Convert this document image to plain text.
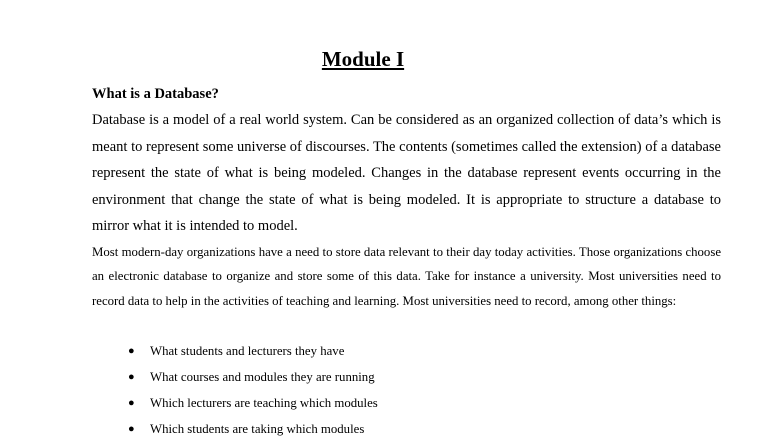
Module I
What is a Database?

Database is a model of a real world system. Can be considered as an organized collection of data’s which is meant to represent some universe of discourses. The contents (sometimes called the extension) of a database represent the state of what is being modeled. Changes in the database represent events occurring in the environment that change the state of what is being modeled. It is appropriate to structure a database to mirror what it is intended to model.

Most modern-day organizations have a need to store data relevant to their day today activities. Those organizations choose an electronic database to organize and store some of this data. Take for instance a university. Most universities need to record data to help in the activities of teaching and learning. Most universities need to record, among other things:

● What students and lecturers they have
● What courses and modules they are running
● Which lecturers are teaching which modules
● Which students are taking which modules
